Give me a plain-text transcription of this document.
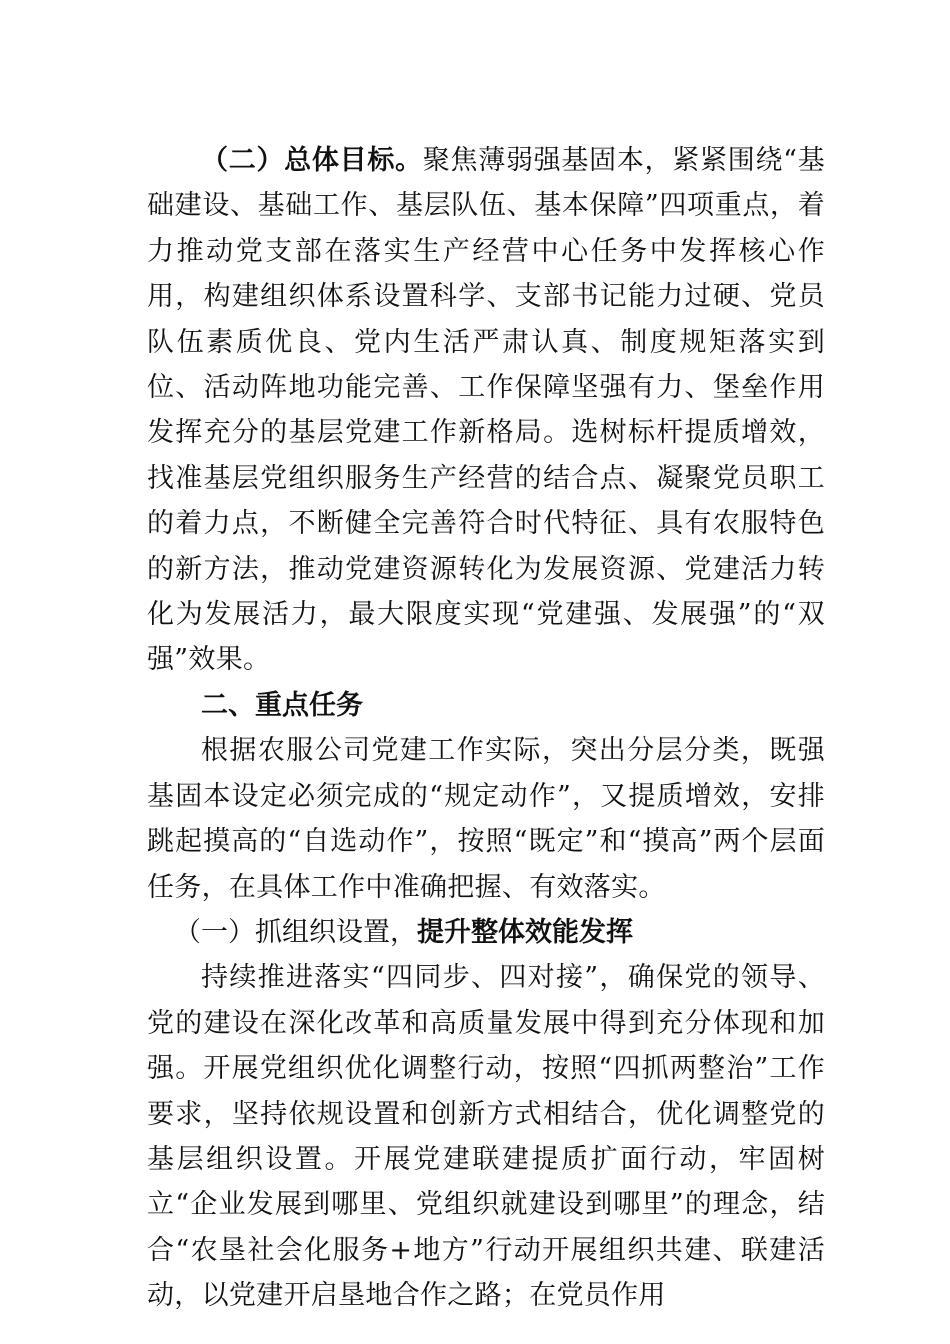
（二）总体目标。聚焦薄弱强基固本，紧紧围绕“基础建设、基础工作、基层队伍、基本保障”四项重点，着力推动党支部在落实生产经营中心任务中发挥核心作用，构建组织体系设置科学、支部书记能力过硬、党员队伍素质优良、党内生活严肃认真、制度规矩落实到位、活动阵地功能完善、工作保障坚强有力、堡垒作用发挥充分的基层党建工作新格局。选树标杆提质增效，找准基层党组织服务生产经营的结合点、凝聚党员职工的着力点，不断健全完善符合时代特征、具有农服特色的新方法，推动党建资源转化为发展资源、党建活力转化为发展活力，最大限度实现“党建强、发展强”的“双强”效果。

二、重点任务

根据农服公司党建工作实际，突出分层分类，既强基固本设定必须完成的“规定动作”，又提质增效，安排跳起摸高的“自选动作”，按照“既定”和“摸高”两个层面任务，在具体工作中准确把握、有效落实。

（一）抓组织设置，提升整体效能发挥

持续推进落实“四同步、四对接”，确保党的领导、党的建设在深化改革和高质量发展中得到充分体现和加强。开展党组织优化调整行动，按照“四抓两整治”工作要求，坚持依规设置和创新方式相结合，优化调整党的基层组织设置。开展党建联建提质扩面行动，牢固树立“企业发展到哪里、党组织就建设到哪里”的理念，结合“农垦社会化服务+地方”行动开展组织共建、联建活动，以党建开启垦地合作之路；在党员作用
